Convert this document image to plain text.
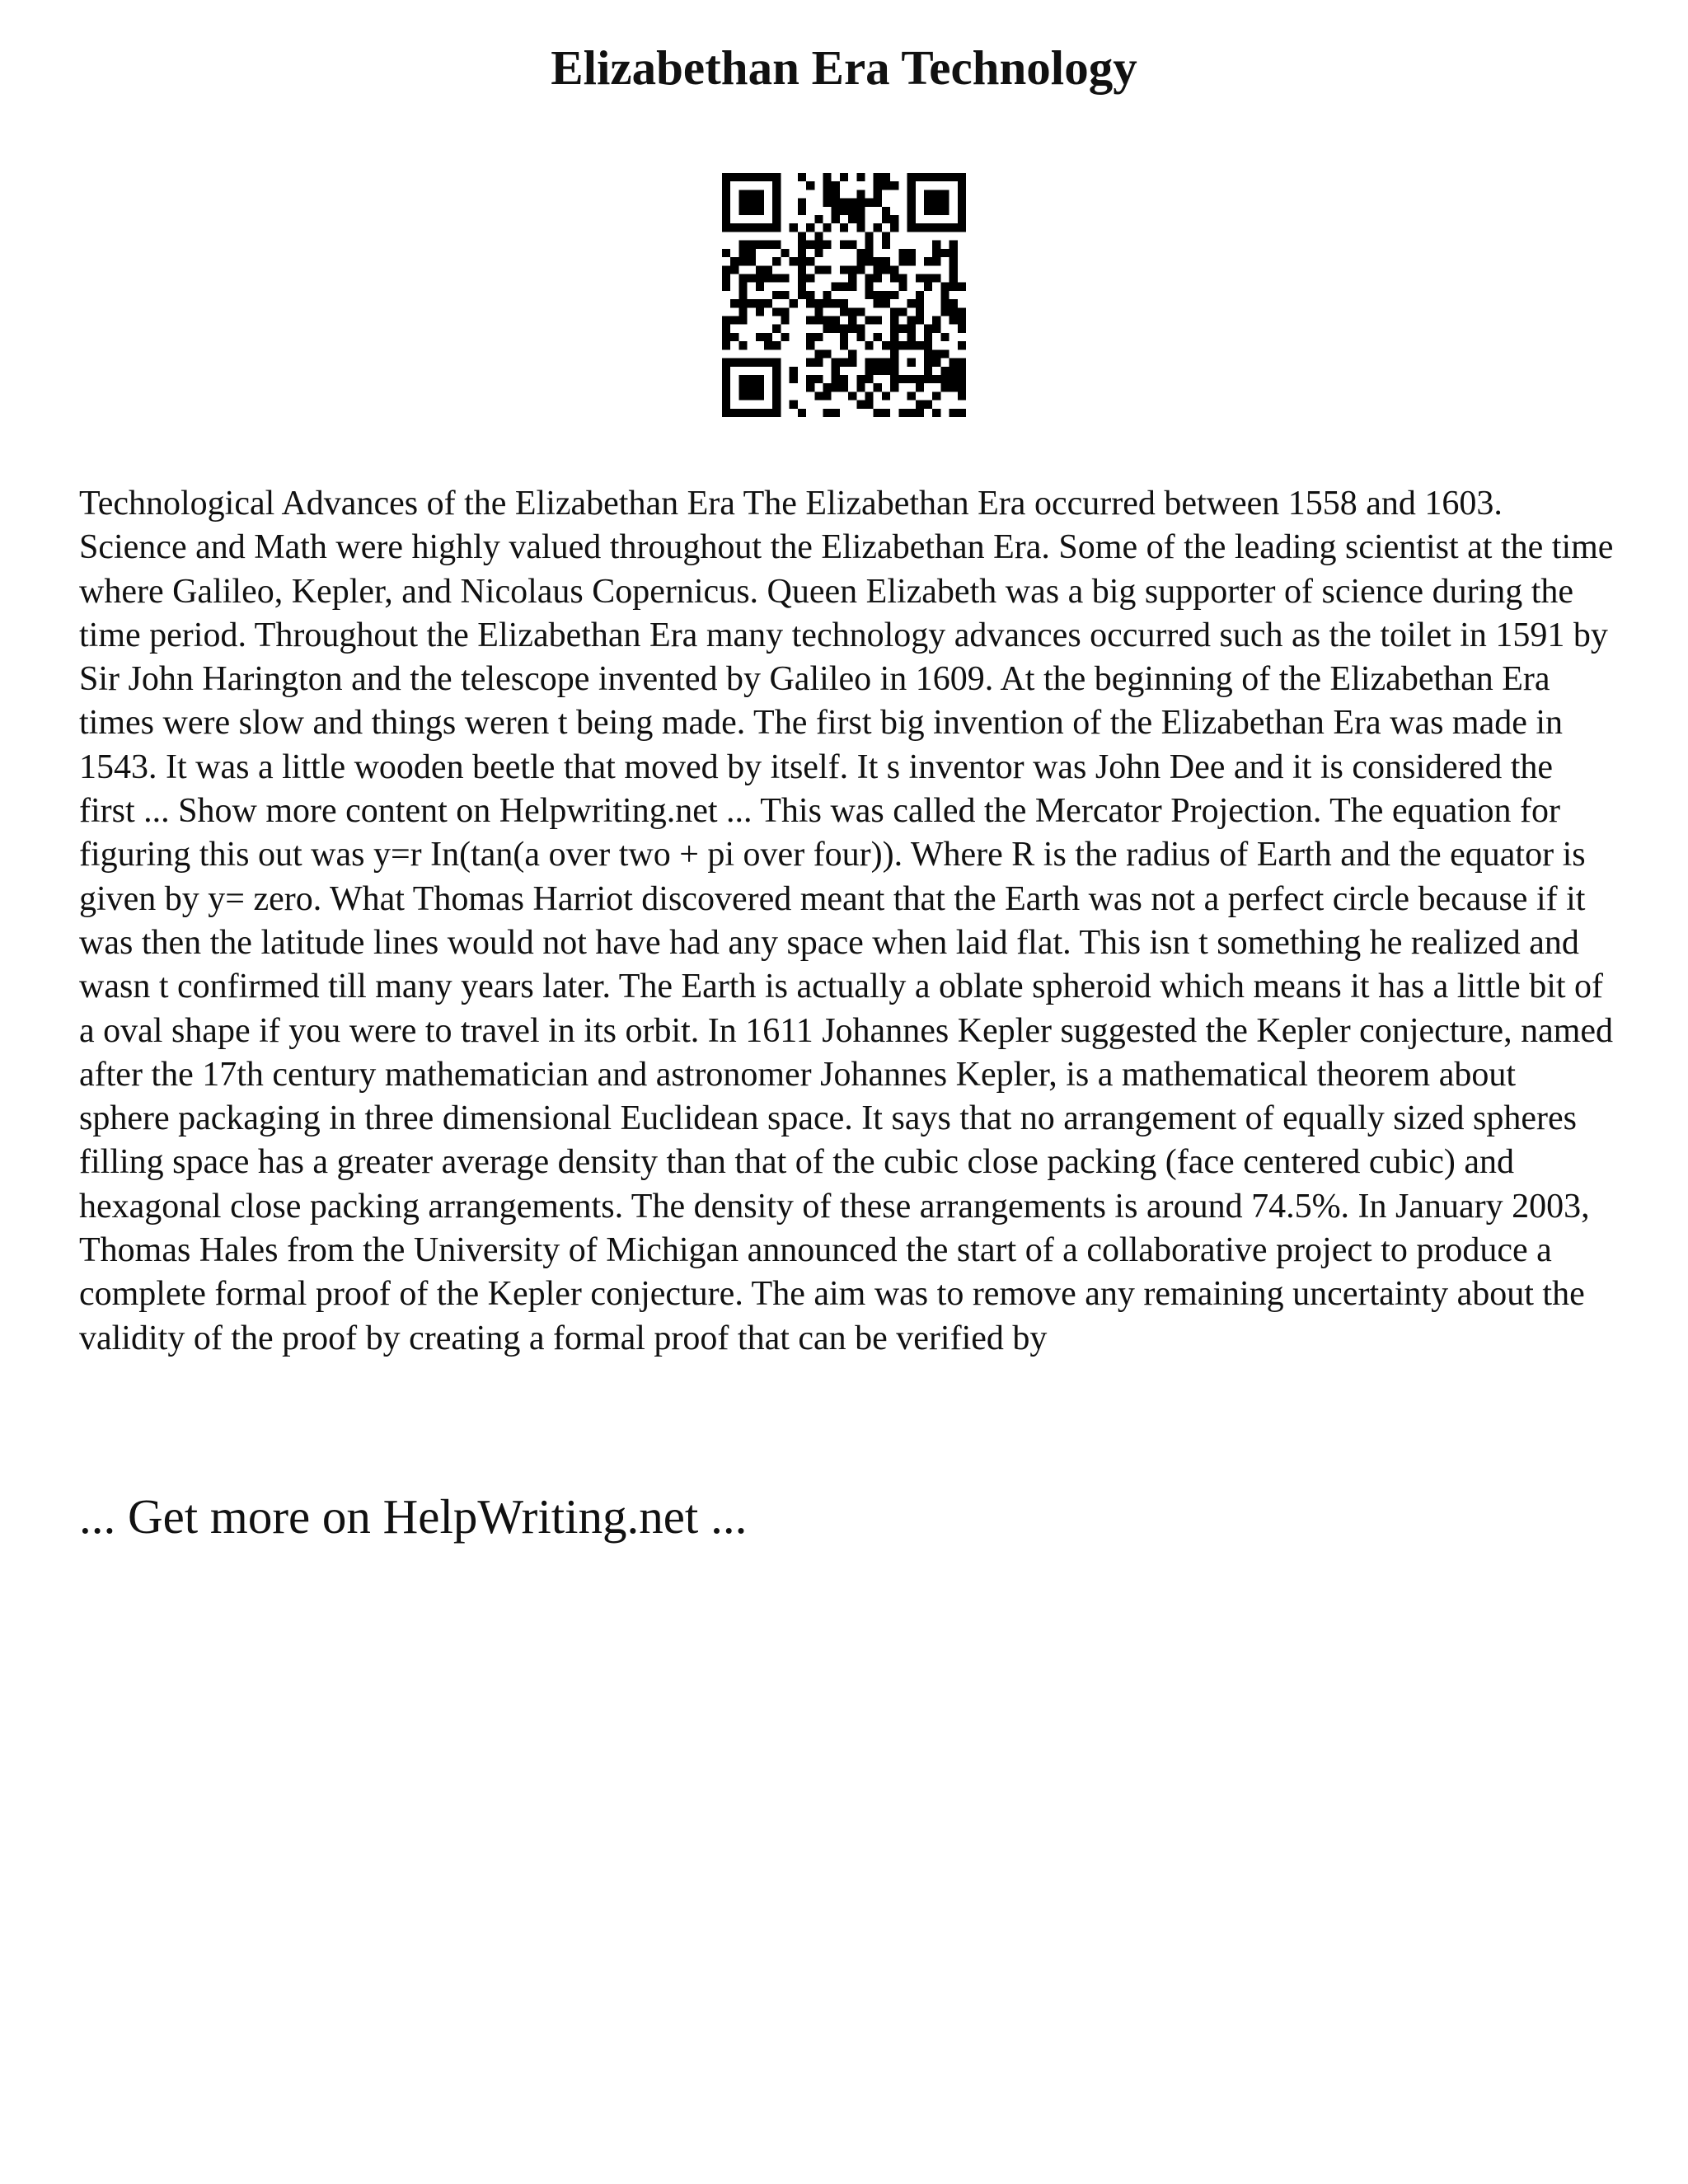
Elizabethan Era Technology

Technological Advances of the Elizabethan Era The Elizabethan Era occurred between 1558 and 1603. Science and Math were highly valued throughout the Elizabethan Era. Some of the leading scientist at the time where Galileo, Kepler, and Nicolaus Copernicus. Queen Elizabeth was a big supporter of science during the time period. Throughout the Elizabethan Era many technology advances occurred such as the toilet in 1591 by Sir John Harington and the telescope invented by Galileo in 1609. At the beginning of the Elizabethan Era times were slow and things weren t being made. The first big invention of the Elizabethan Era was made in 1543. It was a little wooden beetle that moved by itself. It s inventor was John Dee and it is considered the first ... Show more content on Helpwriting.net ... This was called the Mercator Projection. The equation for figuring this out was y=r In(tan(a over two + pi over four)). Where R is the radius of Earth and the equator is given by y= zero. What Thomas Harriot discovered meant that the Earth was not a perfect circle because if it was then the latitude lines would not have had any space when laid flat. This isn t something he realized and wasn t confirmed till many years later. The Earth is actually a oblate spheroid which means it has a little bit of a oval shape if you were to travel in its orbit. In 1611 Johannes Kepler suggested the Kepler conjecture, named after the 17th century mathematician and astronomer Johannes Kepler, is a mathematical theorem about sphere packaging in three dimensional Euclidean space. It says that no arrangement of equally sized spheres filling space has a greater average density than that of the cubic close packing (face centered cubic) and hexagonal close packing arrangements. The density of these arrangements is around 74.5%. In January 2003, Thomas Hales from the University of Michigan announced the start of a collaborative project to produce a complete formal proof of the Kepler conjecture. The aim was to remove any remaining uncertainty about the validity of the proof by creating a formal proof that can be verified by

... Get more on HelpWriting.net ...
